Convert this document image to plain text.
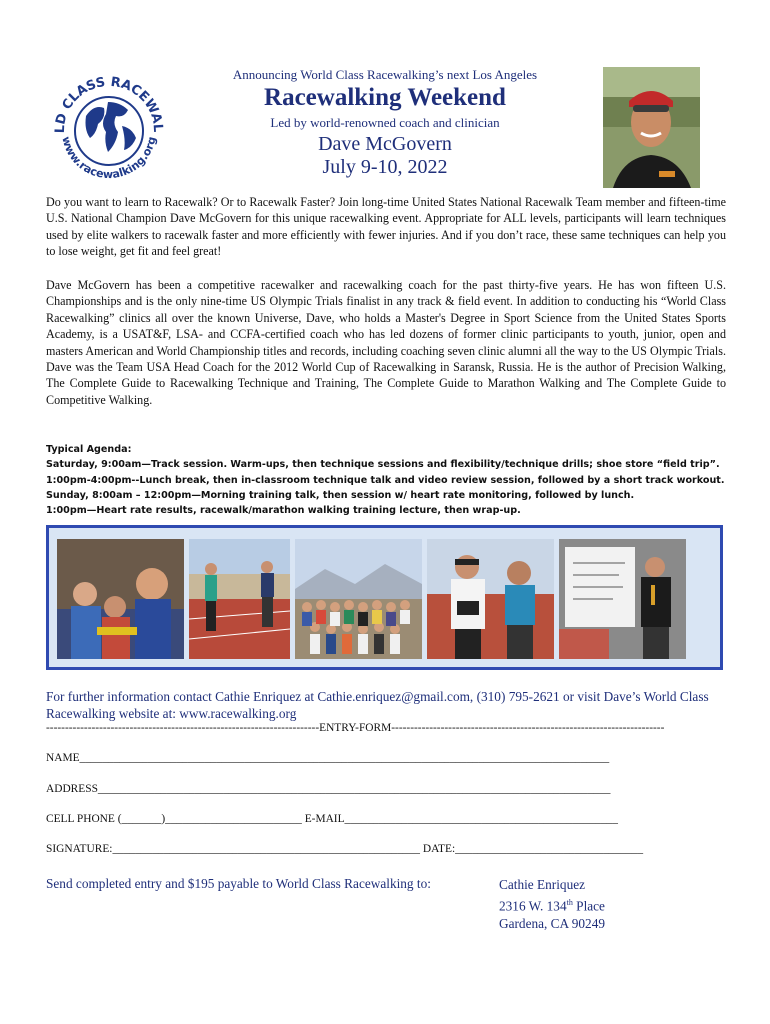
LD CLASS RACEWAL
www.racewalking.org
Announcing World Class Racewalking’s next Los Angeles
Racewalking Weekend
Led by world-renowned coach and clinician
Dave McGovern
July 9-10, 2022
Do you want to learn to Racewalk? Or to Racewalk Faster? Join long-time United States National Racewalk Team member and fifteen-time U.S. National Champion Dave McGovern for this unique racewalking event. Appropriate for ALL levels, participants will learn techniques used by elite walkers to racewalk faster and more efficiently with fewer injuries. And if you don’t race, these same techniques can help you to lose weight, get fit and feel great!
Dave McGovern has been a competitive racewalker and racewalking coach for the past thirty-five years. He has won fifteen U.S. Championships and is the only nine-time US Olympic Trials finalist in any track & field event. In addition to conducting his “World Class Racewalking” clinics all over the known Universe, Dave, who holds a Master's Degree in Sport Science from the United States Sports Academy, is a USAT&F, LSA- and CCFA-certified coach who has led dozens of former clinic participants to youth, junior, open and masters American and World Championship titles and records, including coaching seven clinic alumni all the way to the US Olympic Trials. Dave was the Team USA Head Coach for the 2012 World Cup of Racewalking in Saransk, Russia. He is the author of Precision Walking, The Complete Guide to Racewalking Technique and Training, The Complete Guide to Marathon Walking and The Complete Guide to Competitive Walking.
Typical Agenda:
Saturday, 9:00am—Track session. Warm-ups, then technique sessions and flexibility/technique drills; shoe store “field trip”.
1:00pm-4:00pm--Lunch break, then in-classroom technique talk and video review session, followed by a short track workout.
Sunday, 8:00am – 12:00pm—Morning training talk, then session w/ heart rate monitoring, followed by lunch.
1:00pm—Heart rate results, racewalk/marathon walking training lecture, then wrap-up.
For further information contact Cathie Enriquez at Cathie.enriquez@gmail.com, (310) 795-2621 or visit Dave’s World Class Racewalking website at: www.racewalking.org
------------------------------------------------------------------------ENTRY-FORM------------------------------------------------------------------------
NAME_____________________________________________________________________________________________
ADDRESS__________________________________________________________________________________________
CELL PHONE (_______)________________________ E-MAIL________________________________________________
SIGNATURE:______________________________________________________ DATE:_________________________________
Send completed entry and $195 payable to World Class Racewalking to:	Cathie Enriquez
2316 W. 134th Place
Gardena, CA 90249
